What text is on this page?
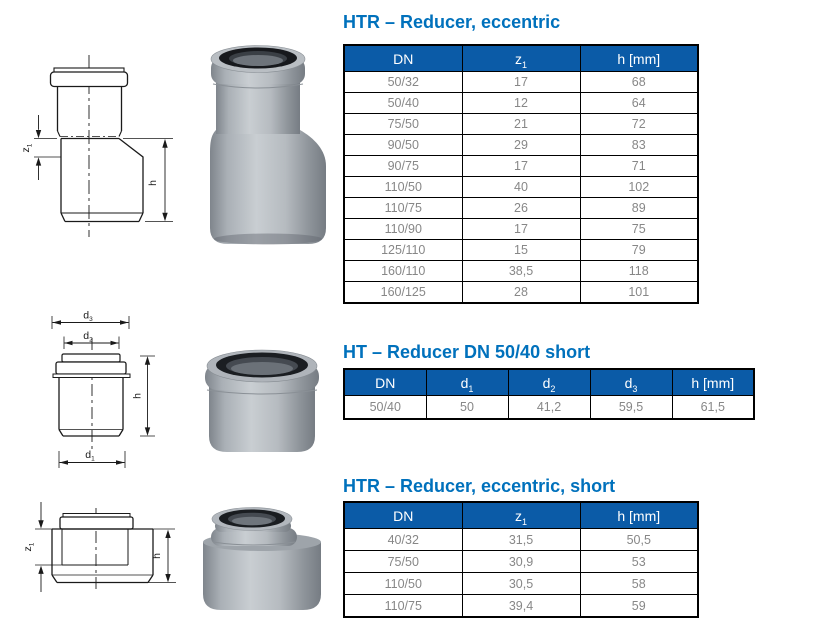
$z_1$
h
$d_3$
$d_2$
$d_1$
h
$z_1$
h
HTR – Reducer, eccentric
DN	$z_1$	h [mm]
50/32	17	68
50/40	12	64
75/50	21	72
90/50	29	83
90/75	17	71
110/50	40	102
110/75	26	89
110/90	17	75
125/110	15	79
160/110	38,5	118
160/125	28	101
HT – Reducer DN 50/40 short
DN	$d_1$	$d_2$	$d_3$	h [mm]
50/40	50	41,2	59,5	61,5
HTR – Reducer, eccentric, short
DN	$z_1$	h [mm]
40/32	31,5	50,5
75/50	30,9	53
110/50	30,5	58
110/75	39,4	59
